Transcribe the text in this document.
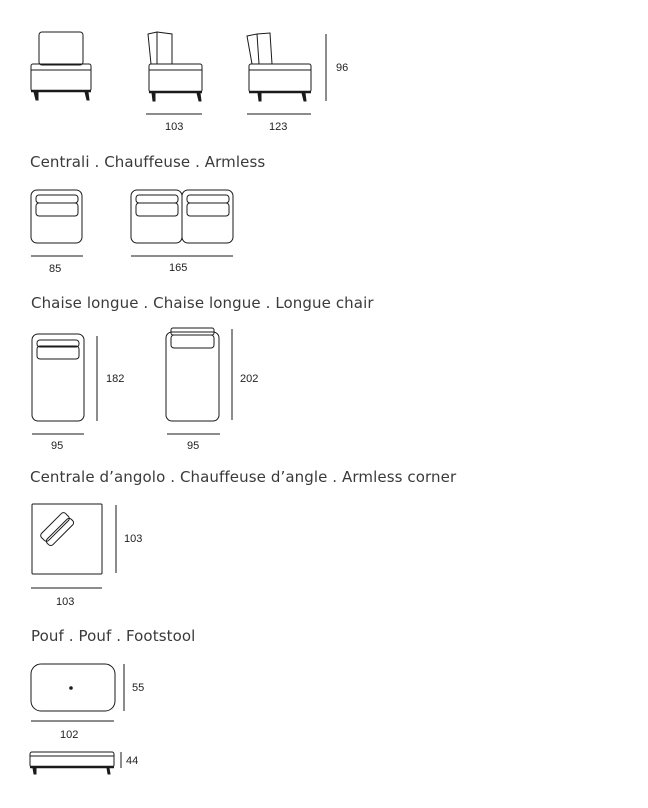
96
103	123
Centrali . Chauffeuse . Armless
85	165
Chaise longue . Chaise longue . Longue chair
182	202
95	95
Centrale d’angolo . Chauffeuse d’angle . Armless corner
103
103
Pouf . Pouf . Footstool
55
102
44
